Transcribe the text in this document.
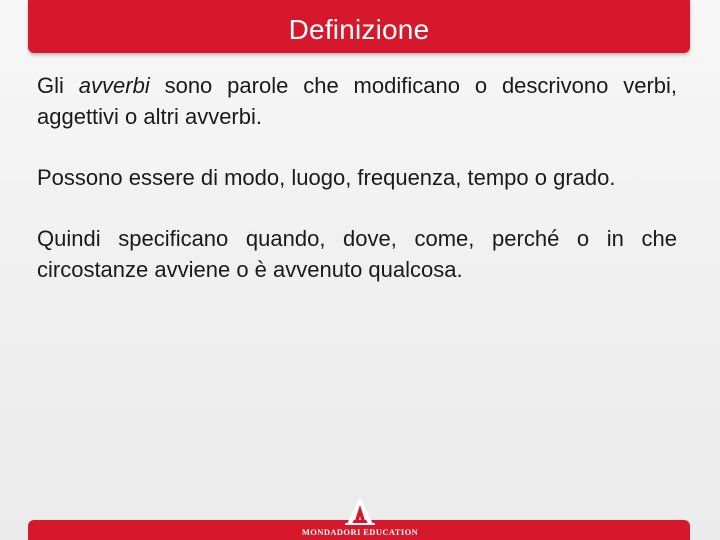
Definizione

Gli avverbi sono parole che modificano o descrivono verbi, aggettivi o altri avverbi.

Possono essere di modo, luogo, frequenza, tempo o grado.

Quindi specificano quando, dove, come, perché o in che circostanze avviene o è avvenuto qualcosa.

MONDADORI EDUCATION
